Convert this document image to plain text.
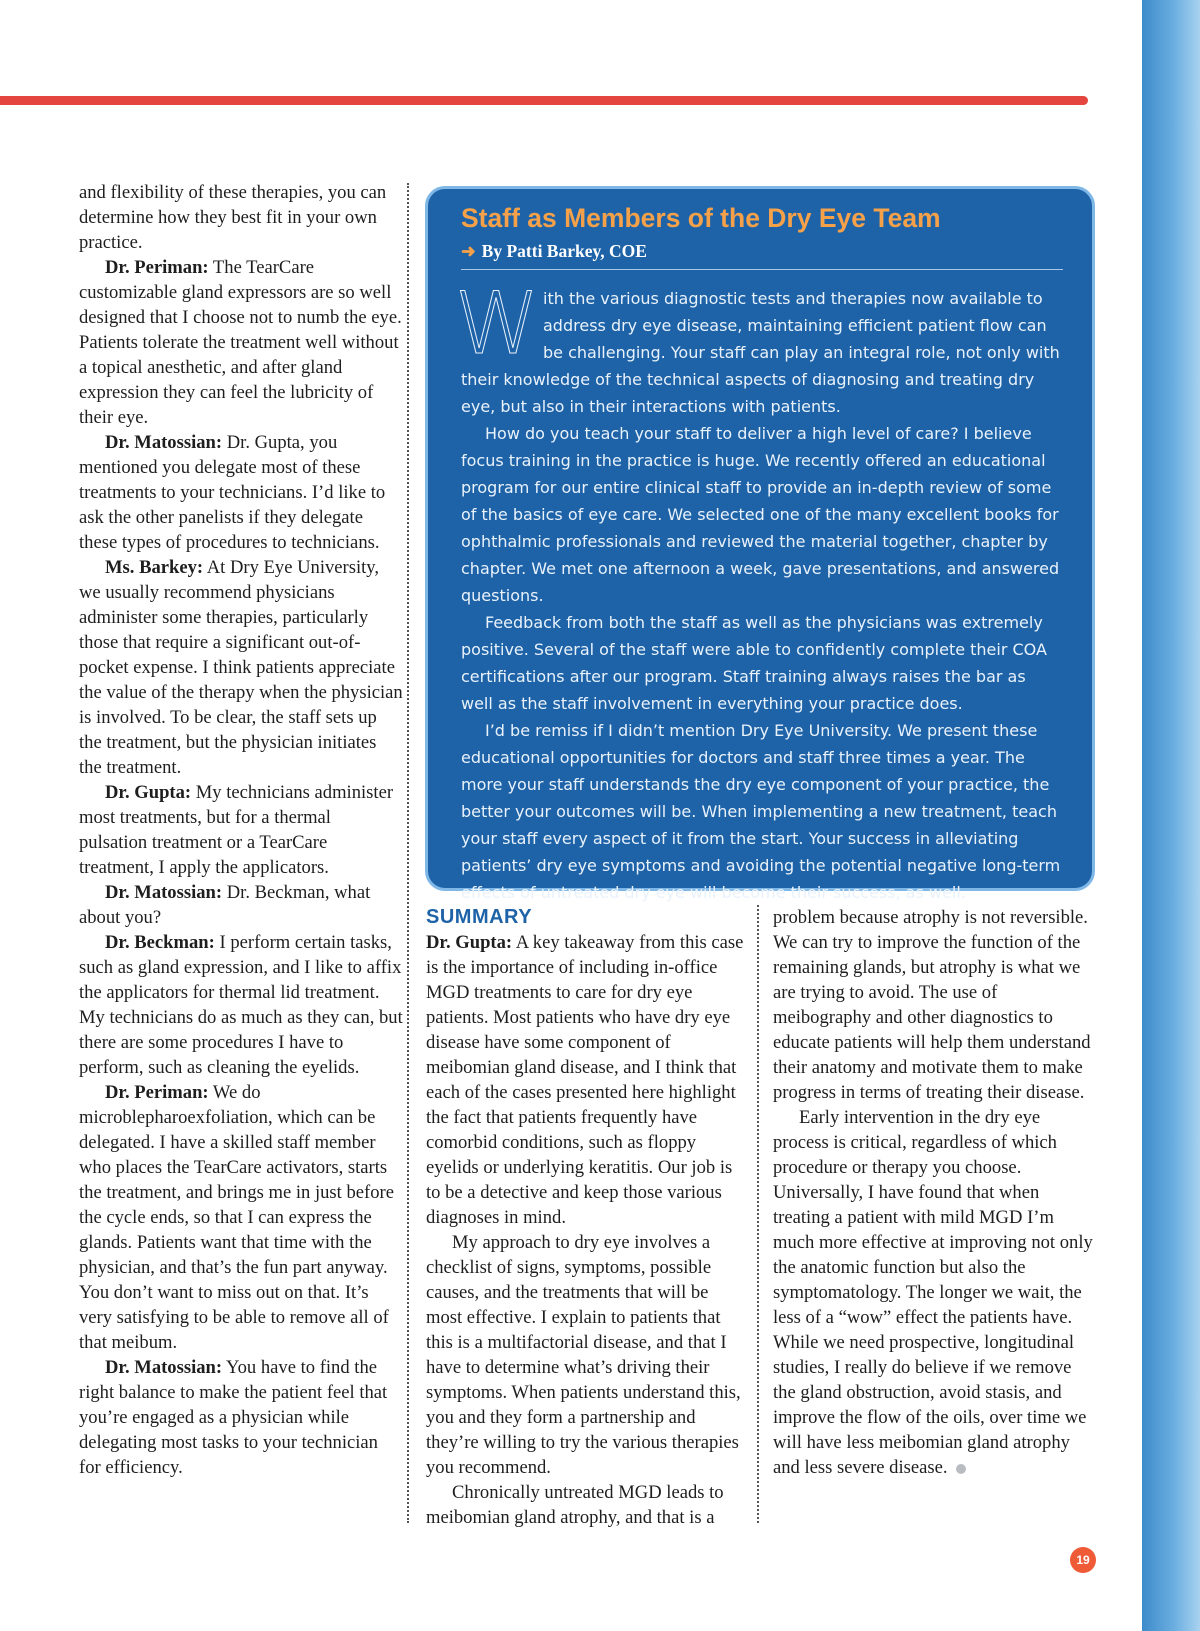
and flexibility of these therapies, you can determine how they best fit in your own practice.

Dr. Periman: The TearCare customizable gland expressors are so well designed that I choose not to numb the eye. Patients tolerate the treatment well without a topical anesthetic, and after gland expression they can feel the lubricity of their eye.

Dr. Matossian: Dr. Gupta, you mentioned you delegate most of these treatments to your technicians. I’d like to ask the other panelists if they delegate these types of procedures to technicians.

Ms. Barkey: At Dry Eye University, we usually recommend physicians administer some therapies, particularly those that require a significant out-of-pocket expense. I think patients appreciate the value of the therapy when the physician is involved. To be clear, the staff sets up the treatment, but the physician initiates the treatment.

Dr. Gupta: My technicians administer most treatments, but for a thermal pulsation treatment or a TearCare treatment, I apply the applicators.

Dr. Matossian: Dr. Beckman, what about you?

Dr. Beckman: I perform certain tasks, such as gland expression, and I like to affix the applicators for thermal lid treatment. My technicians do as much as they can, but there are some procedures I have to perform, such as cleaning the eyelids.

Dr. Periman: We do microblepharoexfoliation, which can be delegated. I have a skilled staff member who places the TearCare activators, starts the treatment, and brings me in just before the cycle ends, so that I can express the glands. Patients want that time with the physician, and that’s the fun part anyway. You don’t want to miss out on that. It’s very satisfying to be able to remove all of that meibum.

Dr. Matossian: You have to find the right balance to make the patient feel that you’re engaged as a physician while delegating most tasks to your technician for efficiency.

Staff as Members of the Dry Eye Team
➜ By Patti Barkey, COE

W ith the various diagnostic tests and therapies now available to address dry eye disease, maintaining efficient patient flow can be challenging. Your staff can play an integral role, not only with their knowledge of the technical aspects of diagnosing and treating dry eye, but also in their interactions with patients.

How do you teach your staff to deliver a high level of care? I believe focus training in the practice is huge. We recently offered an educational program for our entire clinical staff to provide an in-depth review of some of the basics of eye care. We selected one of the many excellent books for ophthalmic professionals and reviewed the material together, chapter by chapter. We met one afternoon a week, gave presentations, and answered questions.

Feedback from both the staff as well as the physicians was extremely positive. Several of the staff were able to confidently complete their COA certifications after our program. Staff training always raises the bar as well as the staff involvement in everything your practice does.

I’d be remiss if I didn’t mention Dry Eye University. We present these educational opportunities for doctors and staff three times a year. The more your staff understands the dry eye component of your practice, the better your outcomes will be. When implementing a new treatment, teach your staff every aspect of it from the start. Your success in alleviating patients’ dry eye symptoms and avoiding the potential negative long-term effects of untreated dry eye will become their success, as well.

SUMMARY

Dr. Gupta: A key takeaway from this case is the importance of including in-office MGD treatments to care for dry eye patients. Most patients who have dry eye disease have some component of meibomian gland disease, and I think that each of the cases presented here highlight the fact that patients frequently have comorbid conditions, such as floppy eyelids or underlying keratitis. Our job is to be a detective and keep those various diagnoses in mind.

My approach to dry eye involves a checklist of signs, symptoms, possible causes, and the treatments that will be most effective. I explain to patients that this is a multifactorial disease, and that I have to determine what’s driving their symptoms. When patients understand this, you and they form a partnership and they’re willing to try the various therapies you recommend.

Chronically untreated MGD leads to meibomian gland atrophy, and that is a

problem because atrophy is not reversible. We can try to improve the function of the remaining glands, but atrophy is what we are trying to avoid. The use of meibography and other diagnostics to educate patients will help them understand their anatomy and motivate them to make progress in terms of treating their disease.

Early intervention in the dry eye process is critical, regardless of which procedure or therapy you choose. Universally, I have found that when treating a patient with mild MGD I’m much more effective at improving not only the anatomic function but also the symptomatology. The longer we wait, the less of a “wow” effect the patients have. While we need prospective, longitudinal studies, I really do believe if we remove the gland obstruction, avoid stasis, and improve the flow of the oils, over time we will have less meibomian gland atrophy and less severe disease.

19
